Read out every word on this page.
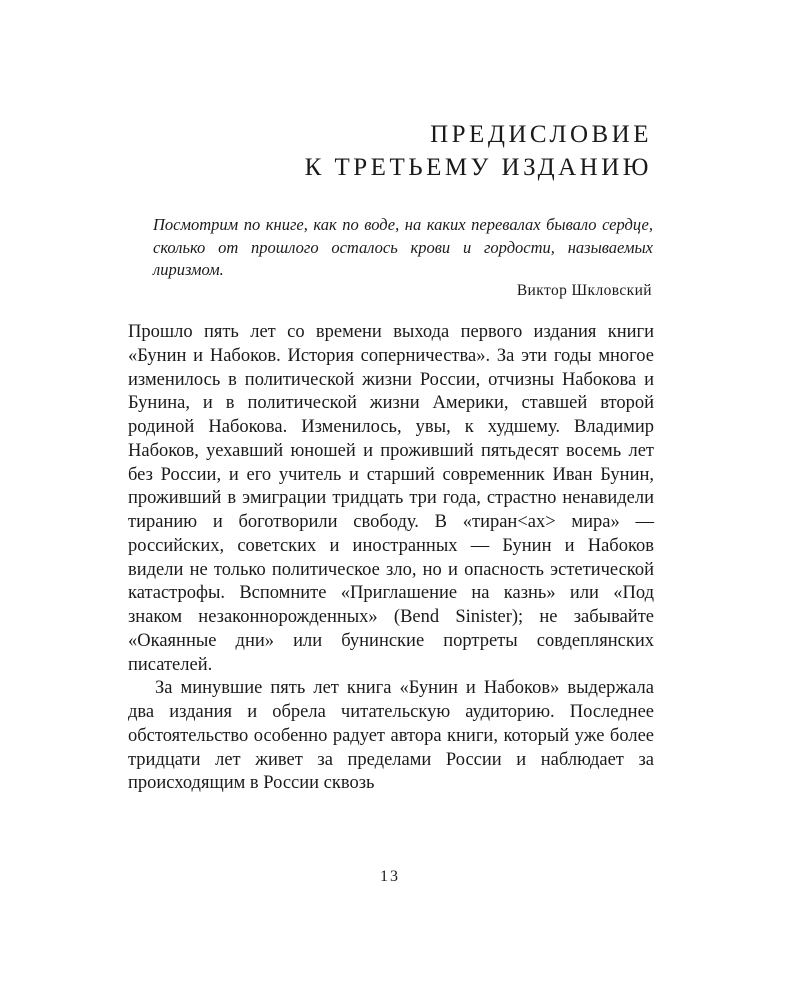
ПРЕДИСЛОВИЕ
К ТРЕТЬЕМУ ИЗДАНИЮ

Посмотрим по книге, как по воде, на каких перевалах бывало сердце, сколько от прошлого осталось крови и гордости, называемых лиризмом.

Виктор Шкловский

Прошло пять лет со времени выхода первого издания книги «Бунин и Набоков. История соперничества». За эти годы многое изменилось в политической жизни России, отчизны Набокова и Бунина, и в политической жизни Америки, ставшей второй родиной Набокова. Изменилось, увы, к худшему. Владимир Набоков, уехавший юношей и проживший пятьдесят восемь лет без России, и его учитель и старший современник Иван Бунин, проживший в эмиграции тридцать три года, страстно ненавидели тиранию и боготворили свободу. В «тиран<ах> мира» — российских, советских и иностранных — Бунин и Набоков видели не только политическое зло, но и опасность эстетической катастрофы. Вспомните «Приглашение на казнь» или «Под знаком незаконнорожденных» (Bend Sinister); не забывайте «Окаянные дни» или бунинские портреты совдеплянских писателей.

За минувшие пять лет книга «Бунин и Набоков» выдержала два издания и обрела читательскую аудиторию. Последнее обстоятельство особенно радует автора книги, который уже более тридцати лет живет за пределами России и наблюдает за происходящим в России сквозь

13
